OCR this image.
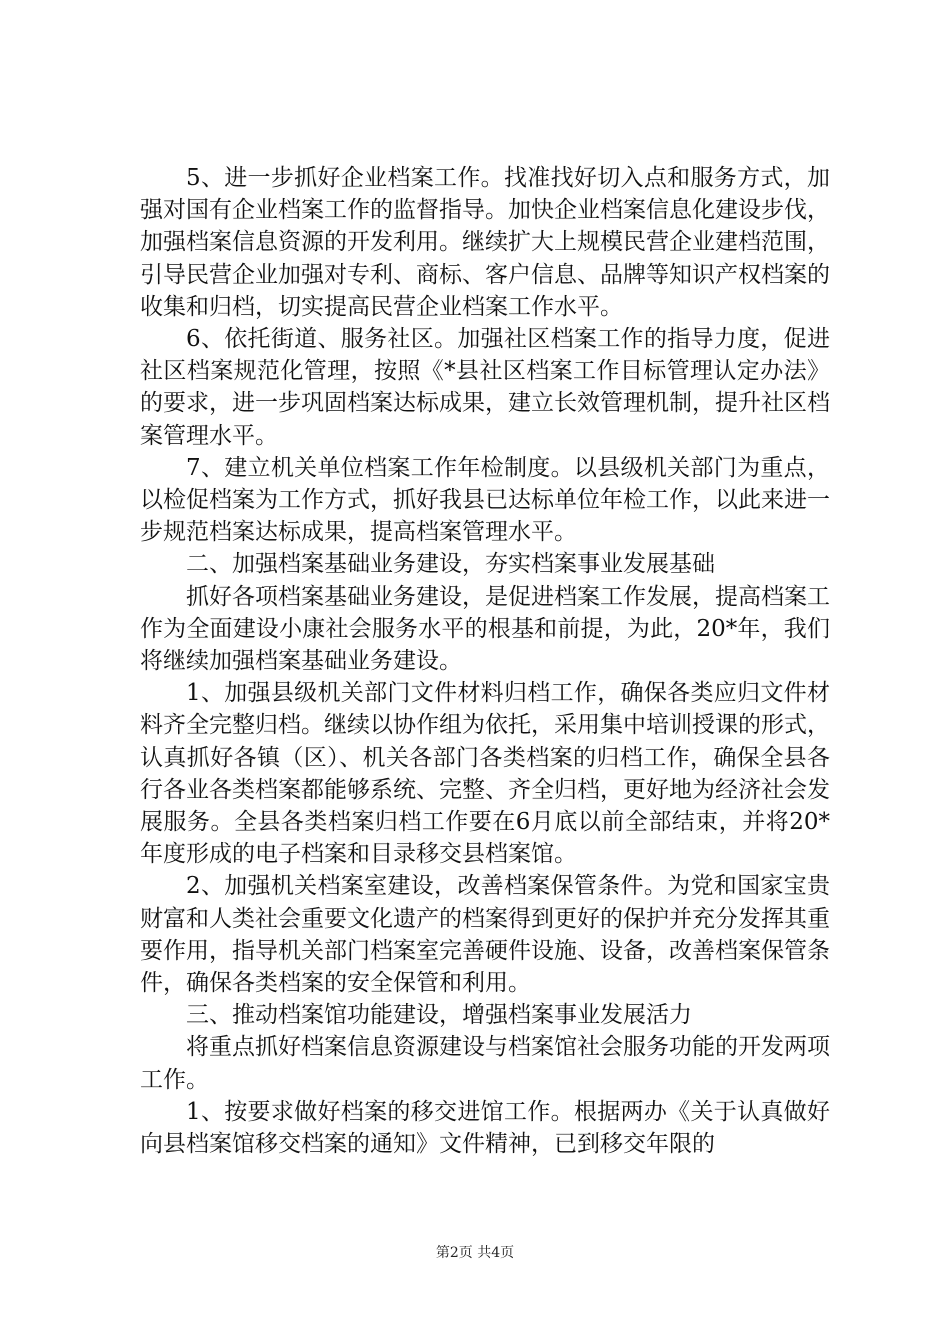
5、进一步抓好企业档案工作。找准找好切入点和服务方式，加强对国有企业档案工作的监督指导。加快企业档案信息化建设步伐，加强档案信息资源的开发利用。继续扩大上规模民营企业建档范围，引导民营企业加强对专利、商标、客户信息、品牌等知识产权档案的收集和归档，切实提高民营企业档案工作水平。

6、依托街道、服务社区。加强社区档案工作的指导力度，促进社区档案规范化管理，按照《*县社区档案工作目标管理认定办法》的要求，进一步巩固档案达标成果，建立长效管理机制，提升社区档案管理水平。

7、建立机关单位档案工作年检制度。以县级机关部门为重点，以检促档案为工作方式，抓好我县已达标单位年检工作，以此来进一步规范档案达标成果，提高档案管理水平。

二、加强档案基础业务建设，夯实档案事业发展基础

抓好各项档案基础业务建设，是促进档案工作发展，提高档案工作为全面建设小康社会服务水平的根基和前提，为此，20*年，我们将继续加强档案基础业务建设。

1、加强县级机关部门文件材料归档工作，确保各类应归文件材料齐全完整归档。继续以协作组为依托，采用集中培训授课的形式，认真抓好各镇（区）、机关各部门各类档案的归档工作，确保全县各行各业各类档案都能够系统、完整、齐全归档，更好地为经济社会发展服务。全县各类档案归档工作要在6月底以前全部结束，并将20*年度形成的电子档案和目录移交县档案馆。

2、加强机关档案室建设，改善档案保管条件。为党和国家宝贵财富和人类社会重要文化遗产的档案得到更好的保护并充分发挥其重要作用，指导机关部门档案室完善硬件设施、设备，改善档案保管条件，确保各类档案的安全保管和利用。

三、推动档案馆功能建设，增强档案事业发展活力

将重点抓好档案信息资源建设与档案馆社会服务功能的开发两项工作。

1、按要求做好档案的移交进馆工作。根据两办《关于认真做好向县档案馆移交档案的通知》文件精神，已到移交年限的

第2页 共4页
